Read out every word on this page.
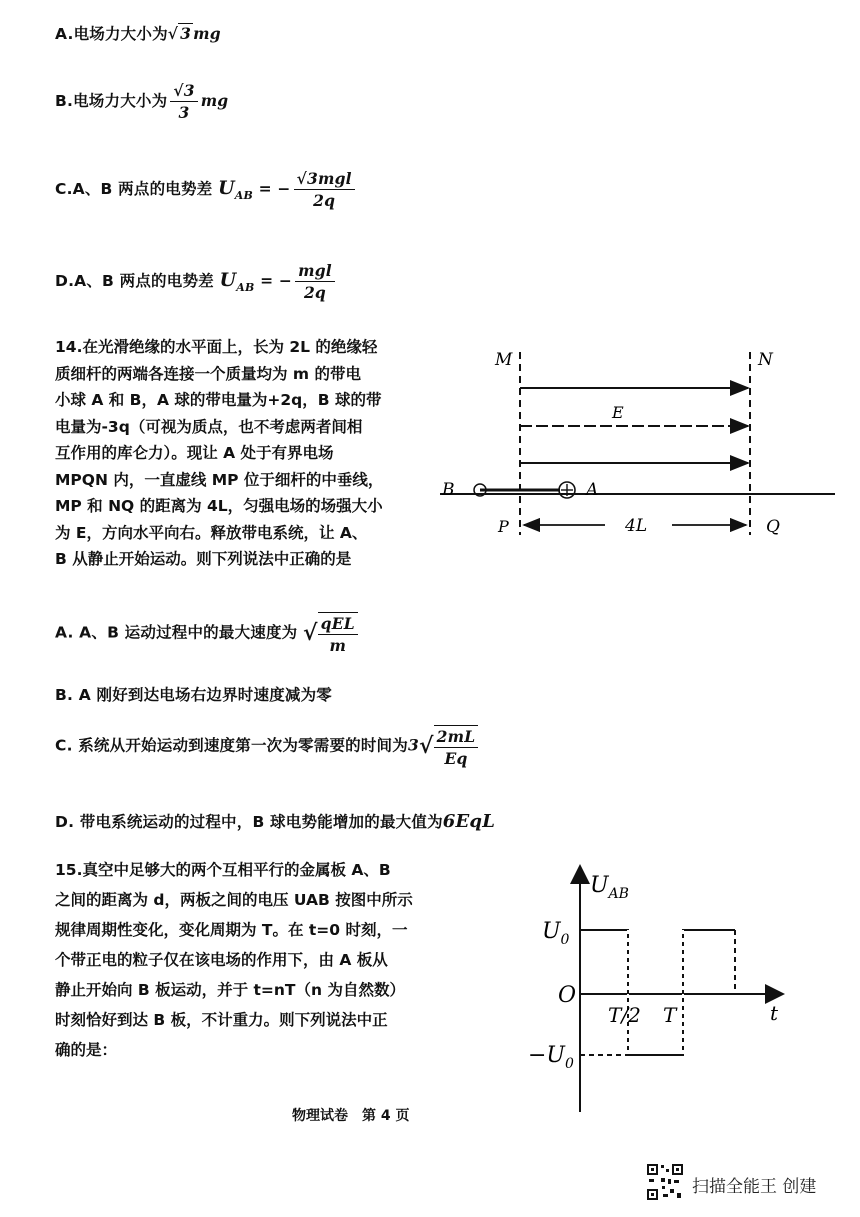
A.电场力大小为√ 3 mg
B.电场力大小为 $\frac{√3}{3}$ mg
C.A、B 两点的电势差 $U_{AB}$ = − $\frac{\text{√3mgl}}{2q}$
D.A、B 两点的电势差 $U_{AB}$ = − $\frac{\text{mgl}}{2q}$
14.在光滑绝缘的水平面上，长为 2L 的绝缘轻
质细杆的两端各连接一个质量均为 m 的带电
小球 A 和 B，A 球的带电量为+2q，B 球的带
电量为-3q（可视为质点，也不考虑两者间相
互作用的库仑力）。现让 A 处于有界电场
MPQN 内，一直虚线 MP 位于细杆的中垂线，
MP 和 NQ 的距离为 4L，匀强电场的场强大小
为 E，方向水平向右。释放带电系统，让 A、
B 从静止开始运动。则下列说法中正确的是
M	N
E
B	A
P	Q
4L
A. A、B 运动过程中的最大速度为 √ $\frac{\text{qEL}}{m}$
B. A 刚好到达电场右边界时速度减为零
C. 系统从开始运动到速度第一次为零需要的时间为$3√ \frac{2mL}{Eq}$
D. 带电系统运动的过程中，B 球电势能增加的最大值为6EqL
15.真空中足够大的两个互相平行的金属板 A、B
之间的距离为 d，两板之间的电压 UAB 按图中所示
规律周期性变化，变化周期为 T。在 t=0 时刻，一
个带正电的粒子仅在该电场的作用下，由 A 板从
静止开始向 B 板运动，并于 t=nT（n 为自然数）
时刻恰好到达 B 板，不计重力。则下列说法中正
确的是：
$U_{AB}$
$U_0$
$-U_0$
O
T/2 T	t
物理试卷　第 4 页
扫描全能王 创建
